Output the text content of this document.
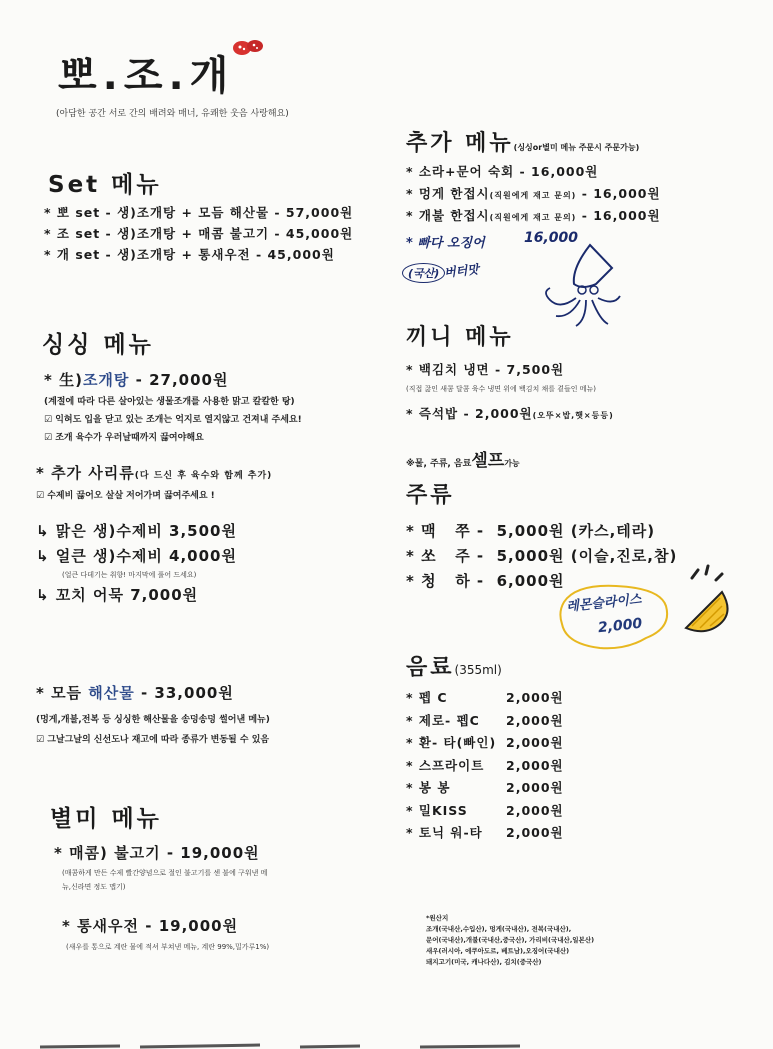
뽀.조.개
(아담한 공간 서로 간의 배려와 매너, 유쾌한 웃음 사랑해요)
Set 메뉴
* 뽀 set - 생)조개탕 + 모듬 해산물 - 57,000원
* 조 set - 생)조개탕 + 매콤 불고기 - 45,000원
* 개 set - 생)조개탕 + 통새우전 - 45,000원
싱싱 메뉴
* 生)조개탕 - 27,000원
(계절에 따라 다른 살아있는 생물조개를 사용한 맑고 칼칼한 탕)
☑ 익혀도 입을 닫고 있는 조개는 억지로 열지않고 건져내 주세요!
☑ 조개 육수가 우러날때까지 끓여야해요
* 추가 사리류(다 드신 후 육수와 함께 추가)
☑ 수제비 끓어오 살살 저어가며 끓여주세요 !
↳ 맑은 생)수제비 3,500원
↳ 얼큰 생)수제비 4,000원
(얼큰 다데기는 취향! 마지막에 풀어 드세요)
↳ 꼬치 어묵 7,000원
* 모듬 해산물 - 33,000원
(멍게,개불,전복 등 싱싱한 해산물을 송덩송덩 썰어낸 메뉴)
☑ 그날그날의 신선도나 재고에 따라 종류가 변동될 수 있음
별미 메뉴
* 매콤) 불고기 - 19,000원
(매콤하게 만든 수제 빨간양념으로 절인 불고기를 센 불에 구워낸 메
뉴,신라면 정도 맵기)
* 통새우전 - 19,000원
(새우를 통으로 계란 물에 적셔 부쳐낸 메뉴, 계란 99%,밀가루1%)
추가 메뉴(싱싱or별미 메뉴 주문시 주문가능)
* 소라+문어 숙회 - 16,000원
* 멍게 한접시(직원에게 재고 문의) - 16,000원
* 개불 한접시(직원에게 재고 문의) - 16,000원
* 빠다 오징어	16,000
(국산) 버터맛
끼니 메뉴
* 백김치 냉면 - 7,500원
(직접 끓인 새콤 달콤 육수 냉면 위에 백김치 채를 곁들인 메뉴)
* 즉석밥 - 2,000원(오뚜×밥,햇×등등)
※물, 주류, 음료셀프가능
주류
* 맥   쭈 -  5,000원 (카스,테라)
* 쏘   주 -  5,000원 (이슬,진로,참)
* 청   하 -  6,000원
레몬슬라이스
2,000
음료(355ml)
* 펩 C	2,000원
* 제로- 펩C 2,000원
* 환- 타(빠인) 2,000원
* 스프라이트 2,000원
* 봉 봉	2,000원
* 밀KISS	2,000원
* 토닉 워-타 2,000원
*원산지
조개(국내산,수입산), 멍게(국내산), 전복(국내산),
문어(국내산),개불(국내산,중국산), 가리비(국내산,일본산)
새우(러시아, 에쿠아도르, 베트남),오징어(국내산)
돼지고기(미국, 캐나다산), 김치(중국산)
